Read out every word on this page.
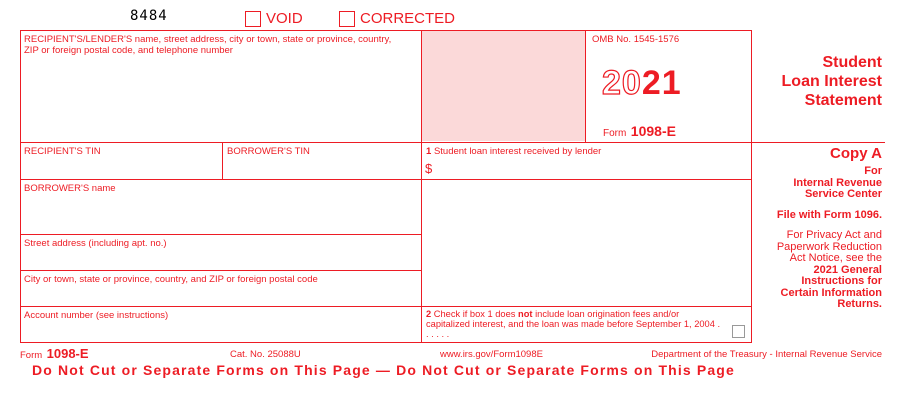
8484	VOID	CORRECTED
RECIPIENT'S/LENDER'S name, street address, city or town, state or province, country, ZIP or foreign postal code, and telephone number
OMB No. 1545-1576
2021
Form 1098-E
RECIPIENT'S TIN	BORROWER'S TIN	1 Student loan interest received by lender
$
BORROWER'S name
Street address (including apt. no.)
City or town, state or province, country, and ZIP or foreign postal code
Account number (see instructions)	2 Check if box 1 does not include loan origination fees and/or capitalized interest, and the loan was made before September 1, 2004 . . . . . .
Student
Loan Interest
Statement
Copy A
For
Internal Revenue
Service Center
File with Form 1096.
For Privacy Act and
Paperwork Reduction
Act Notice, see the
2021 General
Instructions for
Certain Information
Returns.
Form 1098-E	Cat. No. 25088U	www.irs.gov/Form1098E	Department of the Treasury - Internal Revenue Service
Do Not Cut or Separate Forms on This Page — Do Not Cut or Separate Forms on This Page
